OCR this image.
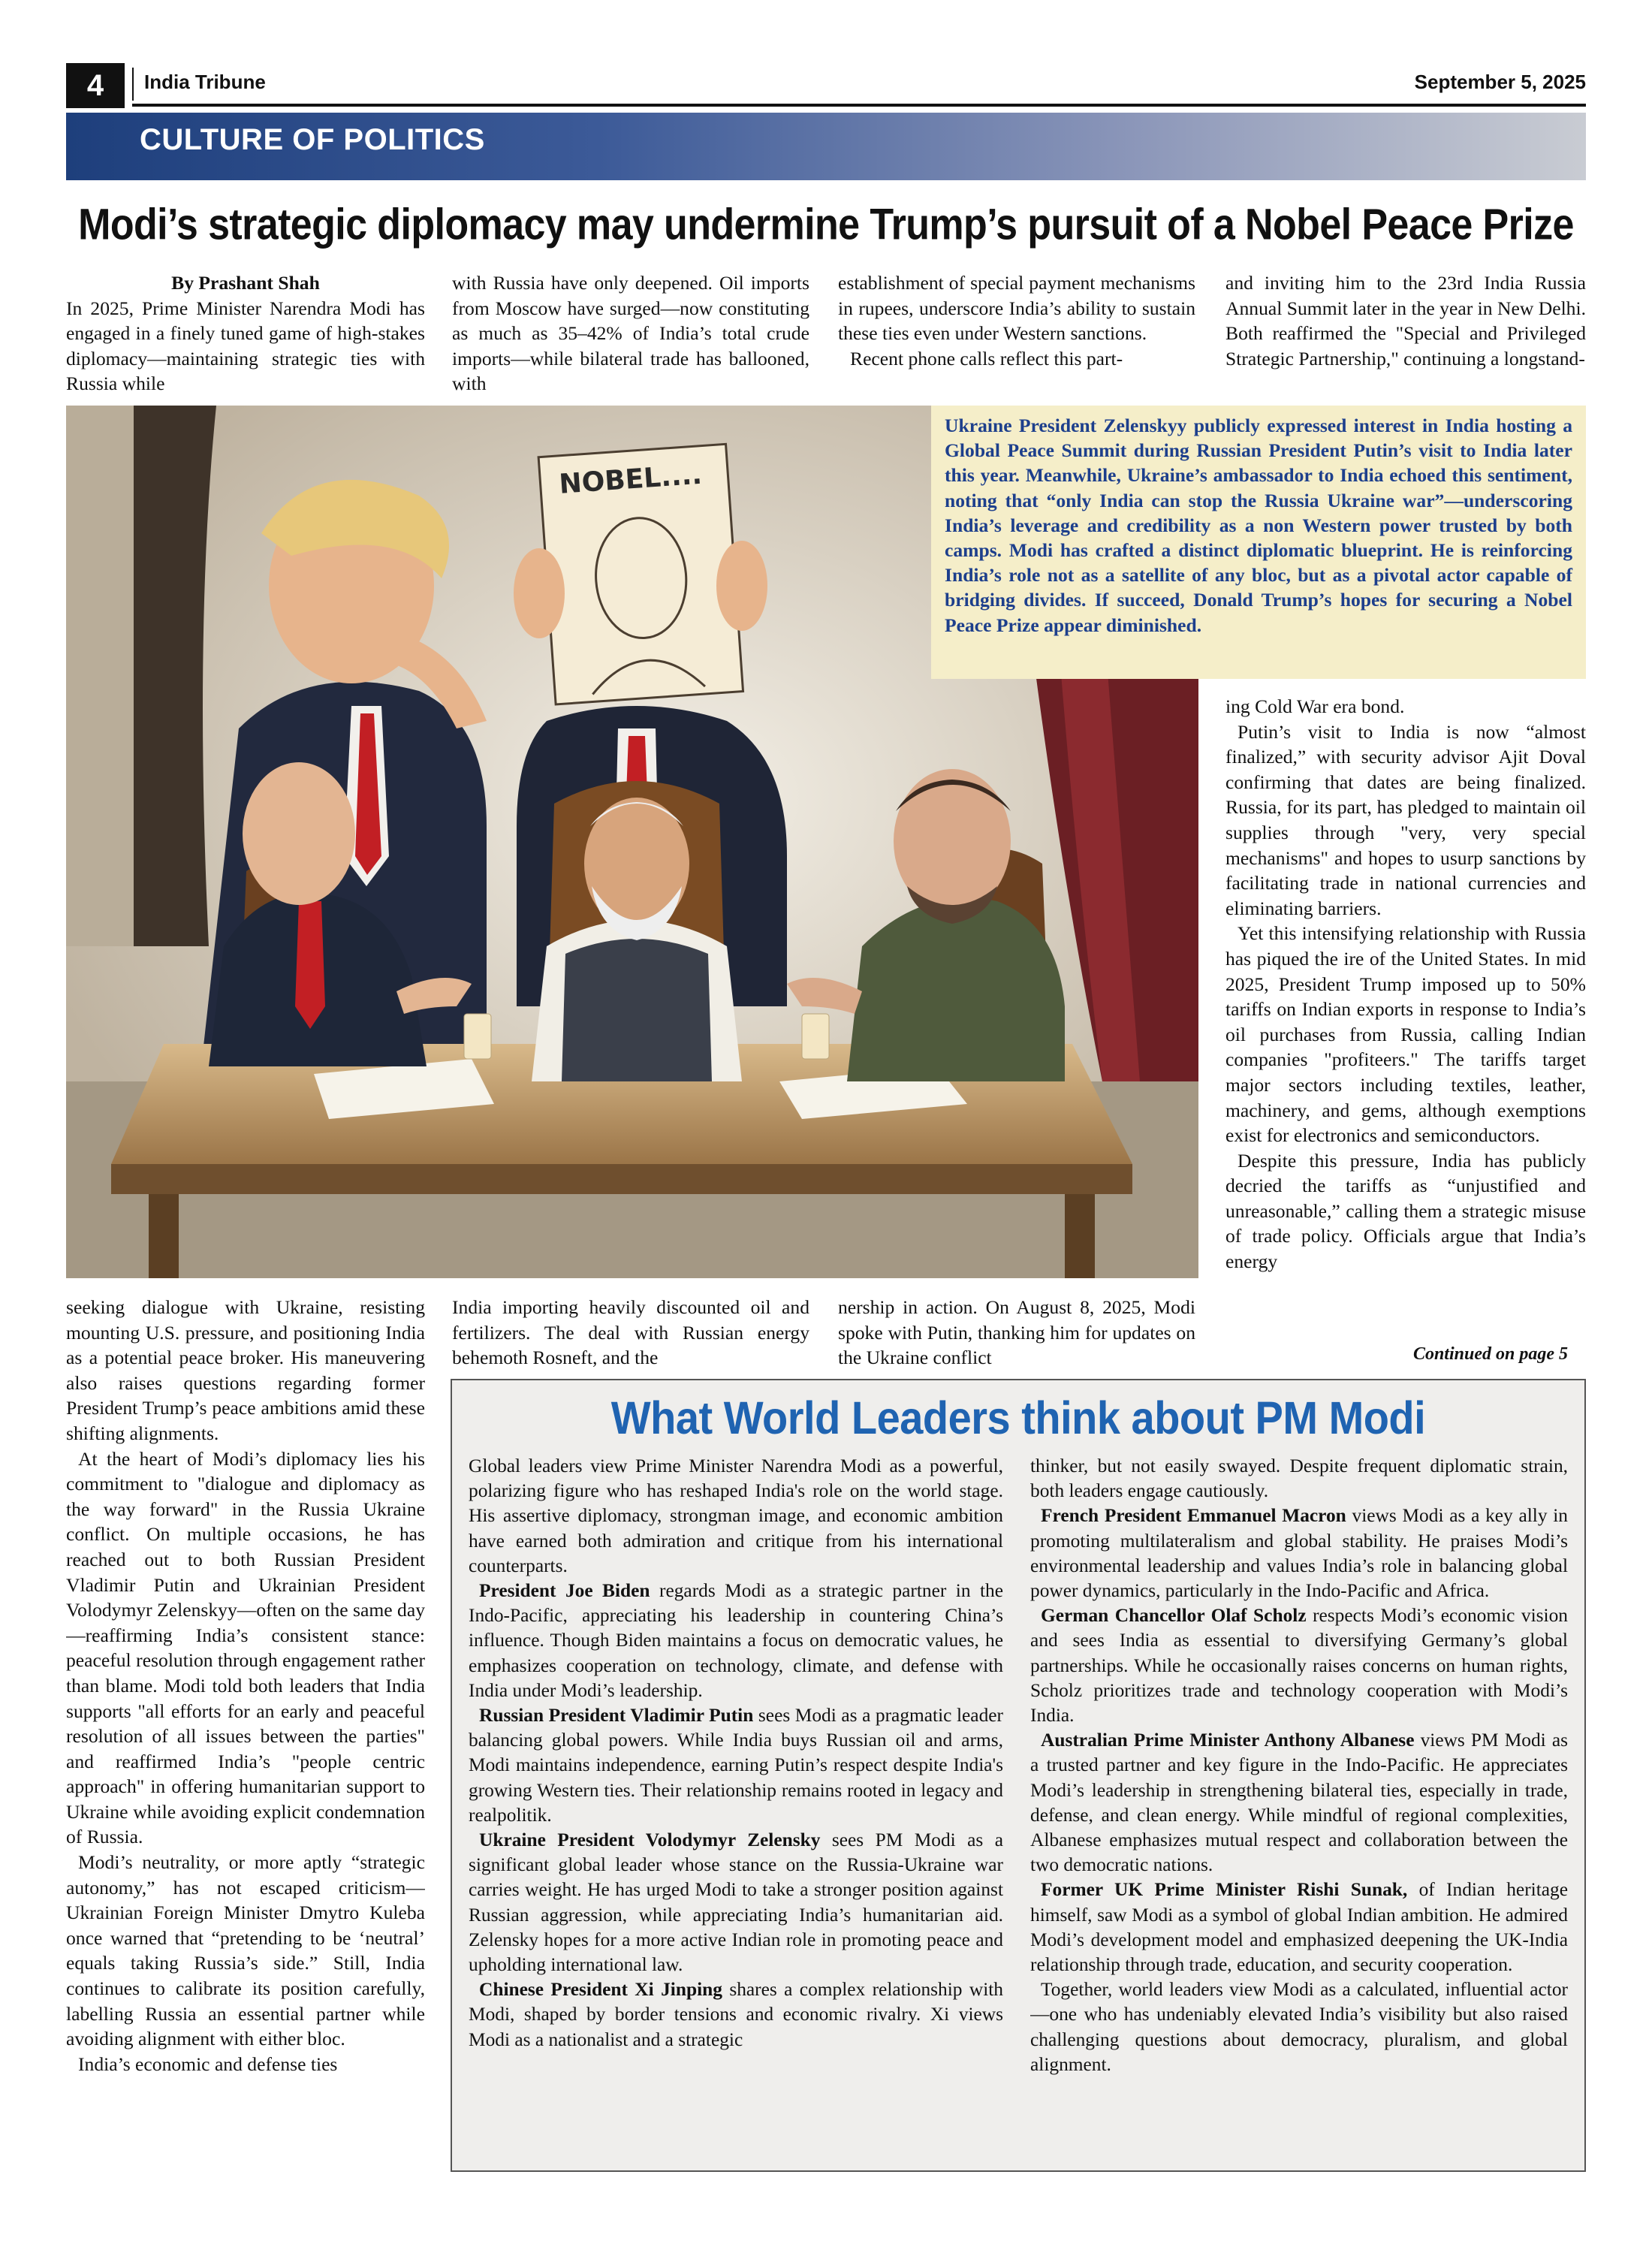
4 India Tribune	September 5, 2025
CULTURE OF POLITICS
Modi’s strategic diplomacy may undermine Trump’s pursuit of a Nobel Peace Prize

By Prashant Shah

In 2025, Prime Minister Narendra Modi has engaged in a finely tuned game of high-stakes diplomacy—maintaining strategic ties with Russia while

with Russia have only deepened. Oil imports from Moscow have surged—now constituting as much as 35–42% of India’s total crude imports—while bilateral trade has ballooned, with

establishment of special payment mechanisms in rupees, underscore India’s ability to sustain these ties even under Western sanctions.

Recent phone calls reflect this part-

and inviting him to the 23rd India Russia Annual Summit later in the year in New Delhi. Both reaffirmed the "Special and Privileged Strategic Partnership," continuing a longstand-

NOBEL....
Ukraine President Zelenskyy publicly expressed interest in India hosting a Global Peace Summit during Russian President Putin’s visit to India later this year. Meanwhile, Ukraine’s ambassador to India echoed this sentiment, noting that “only India can stop the Russia Ukraine war”—underscoring India’s leverage and credibility as a non Western power trusted by both camps. Modi has crafted a distinct diplomatic blueprint. He is reinforcing India’s role not as a satellite of any bloc, but as a pivotal actor capable of bridging divides. If succeed, Donald Trump’s hopes for securing a Nobel Peace Prize appear diminished.

ing Cold War era bond.

Putin’s visit to India is now “almost finalized,” with security advisor Ajit Doval confirming that dates are being finalized. Russia, for its part, has pledged to maintain oil supplies through "very, very special mechanisms" and hopes to usurp sanctions by facilitating trade in national currencies and eliminating barriers.

Yet this intensifying relationship with Russia has piqued the ire of the United States. In mid 2025, President Trump imposed up to 50% tariffs on Indian exports in response to India’s oil purchases from Russia, calling Indian companies "profiteers." The tariffs target major sectors including textiles, leather, machinery, and gems, although exemptions exist for electronics and semiconductors.

Despite this pressure, India has publicly decried the tariffs as “unjustified and unreasonable,” calling them a strategic misuse of trade policy. Officials argue that India’s energy

Continued on page 5

seeking dialogue with Ukraine, resisting mounting U.S. pressure, and positioning India as a potential peace broker. His maneuvering also raises questions regarding former President Trump’s peace ambitions amid these shifting alignments.

At the heart of Modi’s diplomacy lies his commitment to "dialogue and diplomacy as the way forward" in the Russia Ukraine conflict. On multiple occasions, he has reached out to both Russian President Vladimir Putin and Ukrainian President Volodymyr Zelenskyy—often on the same day—reaffirming India’s consistent stance: peaceful resolution through engagement rather than blame. Modi told both leaders that India supports "all efforts for an early and peaceful resolution of all issues between the parties" and reaffirmed India’s "people centric approach" in offering humanitarian support to Ukraine while avoiding explicit condemnation of Russia.

Modi’s neutrality, or more aptly “strategic autonomy,” has not escaped criticism—Ukrainian Foreign Minister Dmytro Kuleba once warned that “pretending to be ‘neutral’ equals taking Russia’s side.” Still, India continues to calibrate its position carefully, labelling Russia an essential partner while avoiding alignment with either bloc.

India’s economic and defense ties

India importing heavily discounted oil and fertilizers. The deal with Russian energy behemoth Rosneft, and the

nership in action. On August 8, 2025, Modi spoke with Putin, thanking him for updates on the Ukraine conflict

What World Leaders think about PM Modi

Global leaders view Prime Minister Narendra Modi as a powerful, polarizing figure who has reshaped India's role on the world stage. His assertive diplomacy, strongman image, and economic ambition have earned both admiration and critique from his international counterparts.

President Joe Biden regards Modi as a strategic partner in the Indo-Pacific, appreciating his leadership in countering China’s influence. Though Biden maintains a focus on democratic values, he emphasizes cooperation on technology, climate, and defense with India under Modi’s leadership.

Russian President Vladimir Putin sees Modi as a pragmatic leader balancing global powers. While India buys Russian oil and arms, Modi maintains independence, earning Putin’s respect despite India's growing Western ties. Their relationship remains rooted in legacy and realpolitik.

Ukraine President Volodymyr Zelensky sees PM Modi as a significant global leader whose stance on the Russia-Ukraine war carries weight. He has urged Modi to take a stronger position against Russian aggression, while appreciating India’s humanitarian aid. Zelensky hopes for a more active Indian role in promoting peace and upholding international law.

Chinese President Xi Jinping shares a complex relationship with Modi, shaped by border tensions and economic rivalry. Xi views Modi as a nationalist and a strategic

thinker, but not easily swayed. Despite frequent diplomatic strain, both leaders engage cautiously.

French President Emmanuel Macron views Modi as a key ally in promoting multilateralism and global stability. He praises Modi’s environmental leadership and values India’s role in balancing global power dynamics, particularly in the Indo-Pacific and Africa.

German Chancellor Olaf Scholz respects Modi’s economic vision and sees India as essential to diversifying Germany’s global partnerships. While he occasionally raises concerns on human rights, Scholz prioritizes trade and technology cooperation with Modi’s India.

Australian Prime Minister Anthony Albanese views PM Modi as a trusted partner and key figure in the Indo-Pacific. He appreciates Modi’s leadership in strengthening bilateral ties, especially in trade, defense, and clean energy. While mindful of regional complexities, Albanese emphasizes mutual respect and collaboration between the two democratic nations.

Former UK Prime Minister Rishi Sunak, of Indian heritage himself, saw Modi as a symbol of global Indian ambition. He admired Modi’s development model and emphasized deepening the UK-India relationship through trade, education, and security cooperation.

Together, world leaders view Modi as a calculated, influential actor—one who has undeniably elevated India’s visibility but also raised challenging questions about democracy, pluralism, and global alignment.
